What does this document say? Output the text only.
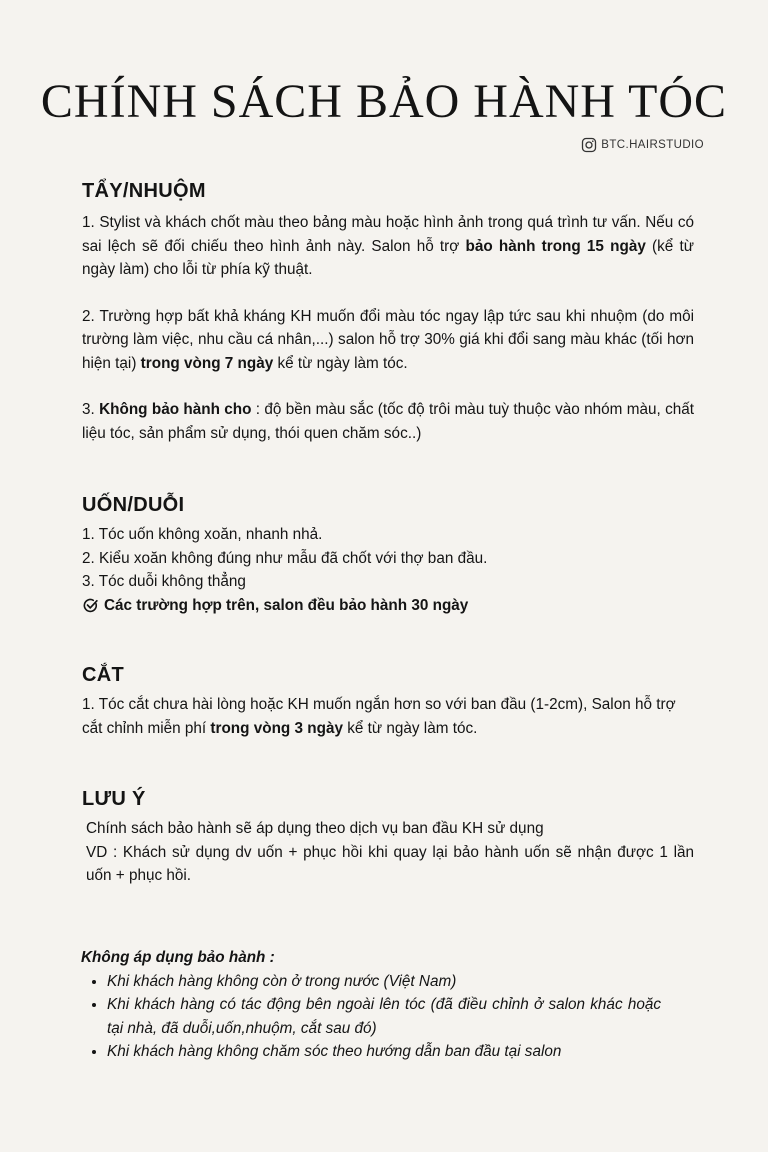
CHÍNH SÁCH BẢO HÀNH TÓC
BTC.HAIRSTUDIO
TẨY/NHUỘM

1. Stylist và khách chốt màu theo bảng màu hoặc hình ảnh trong quá trình tư vấn. Nếu có sai lệch sẽ đối chiếu theo hình ảnh này. Salon hỗ trợ bảo hành trong 15 ngày (kể từ ngày làm) cho lỗi từ phía kỹ thuật.

2. Trường hợp bất khả kháng KH muốn đổi màu tóc ngay lập tức sau khi nhuộm (do môi trường làm việc, nhu cầu cá nhân,...) salon hỗ trợ 30% giá khi đổi sang màu khác (tối hơn hiện tại) trong vòng 7 ngày kể từ ngày làm tóc.

3. Không bảo hành cho : độ bền màu sắc (tốc độ trôi màu tuỳ thuộc vào nhóm màu, chất liệu tóc, sản phẩm sử dụng, thói quen chăm sóc..)

UỐN/DUỖI
1. Tóc uốn không xoăn, nhanh nhả.
2. Kiểu xoăn không đúng như mẫu đã chốt với thợ ban đầu.
3. Tóc duỗi không thẳng
Các trường hợp trên, salon đều bảo hành 30 ngày
CẮT

1. Tóc cắt chưa hài lòng hoặc KH muốn ngắn hơn so với ban đầu (1-2cm), Salon hỗ trợ cắt chỉnh miễn phí trong vòng 3 ngày kể từ ngày làm tóc.

LƯU Ý

Chính sách bảo hành sẽ áp dụng theo dịch vụ ban đầu KH sử dụng

VD : Khách sử dụng dv uốn + phục hồi khi quay lại bảo hành uốn sẽ nhận được 1 lần uốn + phục hồi.

Không áp dụng bảo hành :

• Khi khách hàng không còn ở trong nước (Việt Nam)
• Khi khách hàng có tác động bên ngoài lên tóc (đã điều chỉnh ở salon khác hoặc tại nhà, đã duỗi,uốn,nhuộm, cắt sau đó)
• Khi khách hàng không chăm sóc theo hướng dẫn ban đầu tại salon
